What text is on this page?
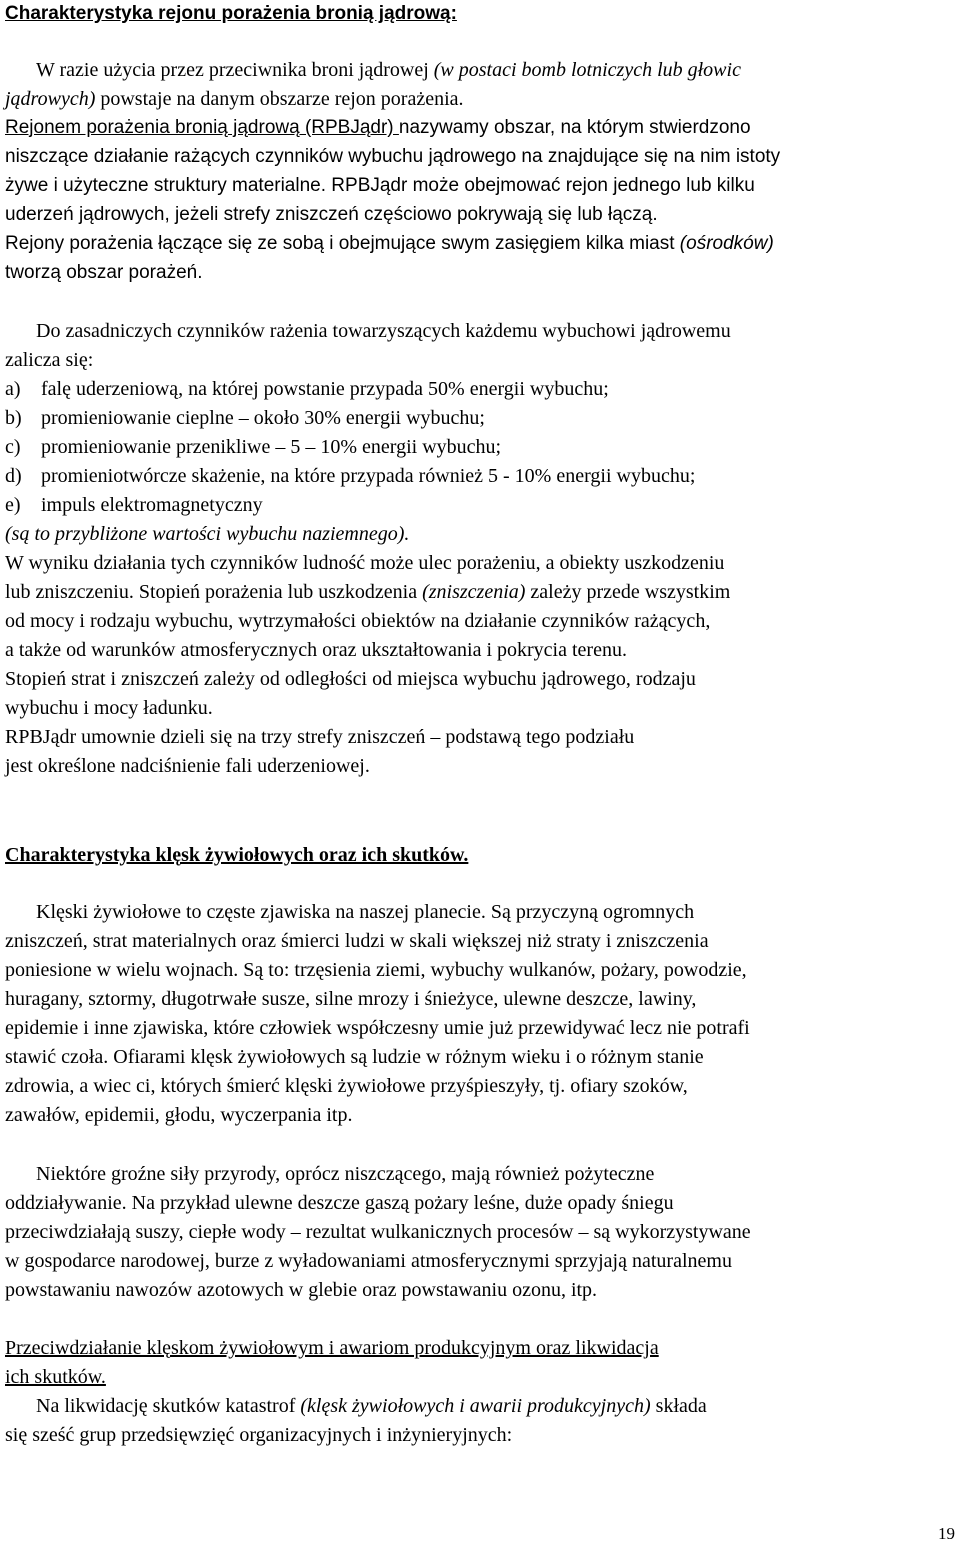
Charakterystyka rejonu porażenia bronią jądrową:
W razie użycia przez przeciwnika broni jądrowej (w postaci bomb lotniczych lub głowic
jądrowych) powstaje na danym obszarze rejon porażenia.
Rejonem porażenia bronią jądrową (RPBJądr) nazywamy obszar, na którym stwierdzono
niszczące działanie rażących czynników wybuchu jądrowego na znajdujące się na nim istoty
żywe i użyteczne struktury materialne. RPBJądr może obejmować rejon jednego lub kilku
uderzeń jądrowych, jeżeli strefy zniszczeń częściowo pokrywają się lub łączą.
Rejony porażenia łączące się ze sobą i obejmujące swym zasięgiem kilka miast (ośrodków)
tworzą obszar porażeń.
Do zasadniczych czynników rażenia towarzyszących każdemu wybuchowi jądrowemu
zalicza się:
a) falę uderzeniową, na której powstanie przypada 50% energii wybuchu;
b) promieniowanie cieplne – około 30% energii wybuchu;
c) promieniowanie przenikliwe – 5 – 10% energii wybuchu;
d) promieniotwórcze skażenie, na które przypada również 5 - 10% energii wybuchu;
e) impuls elektromagnetyczny
(są to przybliżone wartości wybuchu naziemnego).
W wyniku działania tych czynników ludność może ulec porażeniu, a obiekty uszkodzeniu
lub zniszczeniu. Stopień porażenia lub uszkodzenia (zniszczenia) zależy przede wszystkim
od mocy i rodzaju wybuchu, wytrzymałości obiektów na działanie czynników rażących,
a także od warunków atmosferycznych oraz ukształtowania i pokrycia terenu.
Stopień strat i zniszczeń zależy od odległości od miejsca wybuchu jądrowego, rodzaju
wybuchu i mocy ładunku.
RPBJądr umownie dzieli się na trzy strefy zniszczeń – podstawą tego podziału
jest określone nadciśnienie fali uderzeniowej.
Charakterystyka klęsk żywiołowych oraz ich skutków.
Klęski żywiołowe to częste zjawiska na naszej planecie. Są przyczyną ogromnych
zniszczeń, strat materialnych oraz śmierci ludzi w skali większej niż straty i zniszczenia
poniesione w wielu wojnach. Są to: trzęsienia ziemi, wybuchy wulkanów, pożary, powodzie,
huragany, sztormy, długotrwałe susze, silne mrozy i śnieżyce, ulewne deszcze, lawiny,
epidemie i inne zjawiska, które człowiek współczesny umie już przewidywać lecz nie potrafi
stawić czoła. Ofiarami klęsk żywiołowych są ludzie w różnym wieku i o różnym stanie
zdrowia, a wiec ci, których śmierć klęski żywiołowe przyśpieszyły, tj. ofiary szoków,
zawałów, epidemii, głodu, wyczerpania itp.
Niektóre groźne siły przyrody, oprócz niszczącego, mają również pożyteczne
oddziaływanie. Na przykład ulewne deszcze gaszą pożary leśne, duże opady śniegu
przeciwdziałają suszy, ciepłe wody – rezultat wulkanicznych procesów – są wykorzystywane
w gospodarce narodowej, burze z wyładowaniami atmosferycznymi sprzyjają naturalnemu
powstawaniu nawozów azotowych w glebie oraz powstawaniu ozonu, itp.
Przeciwdziałanie klęskom żywiołowym i awariom produkcyjnym oraz likwidacja
ich skutków.
Na likwidację skutków katastrof (klęsk żywiołowych i awarii produkcyjnych) składa
się sześć grup przedsięwzięć organizacyjnych i inżynieryjnych:
19
